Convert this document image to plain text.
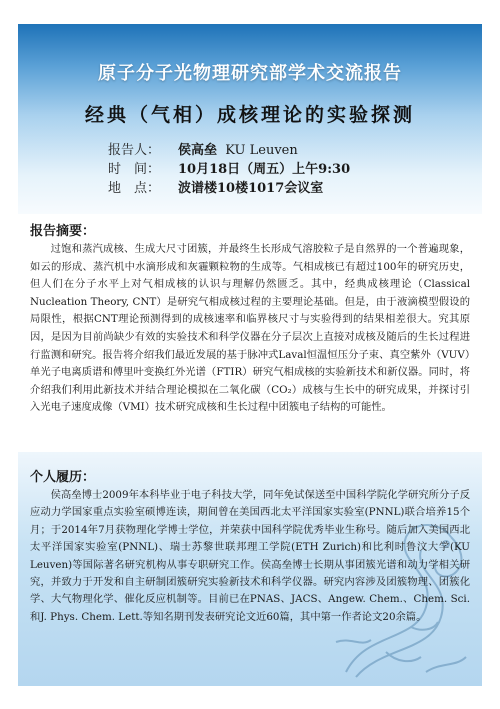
原子分子光物理研究部学术交流报告
经典（气相）成核理论的实验探测
报告人： 侯高垒 KU Leuven
时　间： 10月18日（周五）上午9:30
地　点： 波谱楼10楼1017会议室
报告摘要：

过饱和蒸汽成核、生成大尺寸团簇，并最终生长形成气溶胶粒子是自然界的一个普遍现象，如云的形成、蒸汽机中水滴形成和灰霾颗粒物的生成等。气相成核已有超过100年的研究历史，但人们在分子水平上对气相成核的认识与理解仍然匮乏。其中，经典成核理论（Classical Nucleation Theory, CNT）是研究气相成核过程的主要理论基础。但是，由于液滴模型假设的局限性，根据CNT理论预测得到的成核速率和临界核尺寸与实验得到的结果相差很大。究其原因，是因为目前尚缺少有效的实验技术和科学仪器在分子层次上直接对成核及随后的生长过程进行监测和研究。报告将介绍我们最近发展的基于脉冲式Laval恒温恒压分子束、真空紫外（VUV）单光子电离质谱和傅里叶变换红外光谱（FTIR）研究气相成核的实验新技术和新仪器。同时，将介绍我们利用此新技术并结合理论模拟在二氧化碳（CO₂）成核与生长中的研究成果，并探讨引入光电子速度成像（VMI）技术研究成核和生长过程中团簇电子结构的可能性。

个人履历：

侯高垒博士2009年本科毕业于电子科技大学，同年免试保送至中国科学院化学研究所分子反应动力学国家重点实验室硕博连读，期间曾在美国西北太平洋国家实验室(PNNL)联合培养15个月；于2014年7月获物理化学博士学位，并荣获中国科学院优秀毕业生称号。随后加入美国西北太平洋国家实验室(PNNL)、瑞士苏黎世联邦理工学院(ETH Zurich)和比利时鲁汶大学(KU Leuven)等国际著名研究机构从事专职研究工作。侯高垒博士长期从事团簇光谱和动力学相关研究，并致力于开发和自主研制团簇研究实验新技术和科学仪器。研究内容涉及团簇物理、团簇化学、大气物理化学、催化反应机制等。目前已在PNAS、JACS、Angew. Chem.、Chem. Sci.和J. Phys. Chem. Lett.等知名期刊发表研究论文近60篇，其中第一作者论文20余篇。
